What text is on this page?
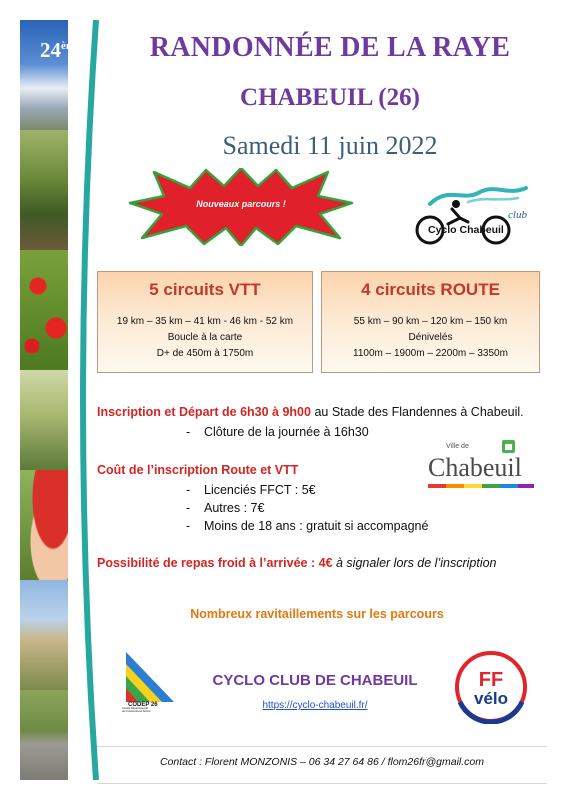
24ème	RANDONNÉE DE LA RAYE
CHABEUIL (26)
Samedi 11 juin 2022
Nouveaux parcours !
club
Cyclo Chabeuil
5 circuits VTT
19 km – 35 km – 41 km - 46 km - 52 km
Boucle à la carte
D+ de 450m à 1750m
4 circuits ROUTE
55 km – 90 km – 120 km – 150 km
Dénivelés
1100m – 1900m – 2200m – 3350m
Inscription et Départ de 6h30 à 9h00 au Stade des Flandennes à Chabeuil.
- Clôture de la journée à 16h30
Coût de l’inscription Route et VTT
- Licenciés FFCT : 5€
- Autres : 7€
- Moins de 18 ans : gratuit si accompagné
Ville de
Chabeuil
Possibilité de repas froid à l’arrivée : 4€ à signaler lors de l’inscription
Nombreux ravitaillements sur les parcours
CODEP 26
Comité Départemental
de Cyclotourisme Drôme
CYCLO CLUB DE CHABEUIL
https://cyclo-chabeuil.fr/
FF
vélo
Contact : Florent MONZONIS – 06 34 27 64 86 / flom26fr@gmail.com
